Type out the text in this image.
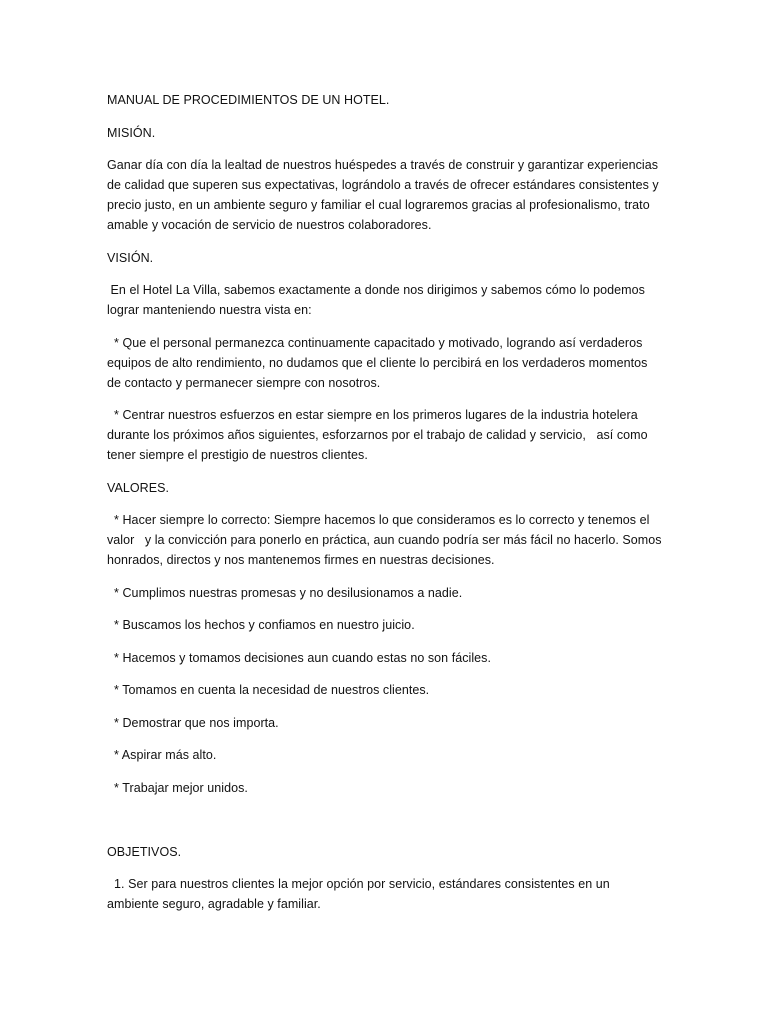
MANUAL DE PROCEDIMIENTOS DE UN HOTEL.

MISIÓN.

Ganar día con día la lealtad de nuestros huéspedes a través de construir y garantizar experiencias de calidad que superen sus expectativas, lográndolo a través de ofrecer estándares consistentes y precio justo, en un ambiente seguro y familiar el cual lograremos gracias al profesionalismo, trato amable y vocación de servicio de nuestros colaboradores.

VISIÓN.

En el Hotel La Villa, sabemos exactamente a donde nos dirigimos y sabemos cómo lo podemos lograr manteniendo nuestra vista en:

* Que el personal permanezca continuamente capacitado y motivado, logrando así verdaderos equipos de alto rendimiento, no dudamos que el cliente lo percibirá en los verdaderos momentos de contacto y permanecer siempre con nosotros.

* Centrar nuestros esfuerzos en estar siempre en los primeros lugares de la industria hotelera durante los próximos años siguientes, esforzarnos por el trabajo de calidad y servicio,   así como tener siempre el prestigio de nuestros clientes.

VALORES.

* Hacer siempre lo correcto: Siempre hacemos lo que consideramos es lo correcto y tenemos el valor   y la convicción para ponerlo en práctica, aun cuando podría ser más fácil no hacerlo. Somos honrados, directos y nos mantenemos firmes en nuestras decisiones.

* Cumplimos nuestras promesas y no desilusionamos a nadie.

* Buscamos los hechos y confiamos en nuestro juicio.

* Hacemos y tomamos decisiones aun cuando estas no son fáciles.

* Tomamos en cuenta la necesidad de nuestros clientes.

* Demostrar que nos importa.

* Aspirar más alto.

* Trabajar mejor unidos.

OBJETIVOS.

1. Ser para nuestros clientes la mejor opción por servicio, estándares consistentes en un ambiente seguro, agradable y familiar.
